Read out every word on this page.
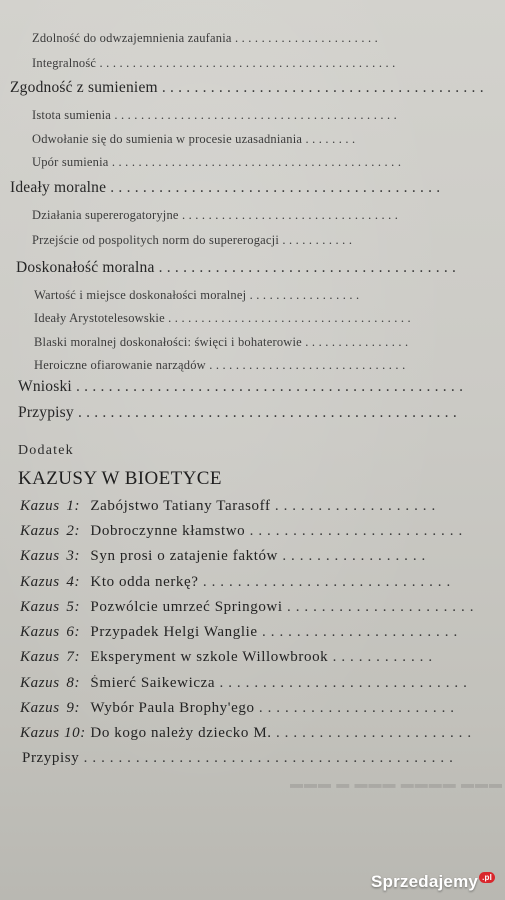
Zdolność do odwzajemnienia zaufania . . . . . . . . . . . . . . . . . . . . . .
Integralność . . . . . . . . . . . . . . . . . . . . . . . . . . . . . . . . . . . . . . . . . . . . .
Zgodność z sumieniem . . . . . . . . . . . . . . . . . . . . . . . . . . . . . . . . . . . . . . . .
Istota sumienia . . . . . . . . . . . . . . . . . . . . . . . . . . . . . . . . . . . . . . . . . . .
Odwołanie się do sumienia w procesie uzasadniania . . . . . . . .
Upór sumienia . . . . . . . . . . . . . . . . . . . . . . . . . . . . . . . . . . . . . . . . . . . .
Ideały moralne . . . . . . . . . . . . . . . . . . . . . . . . . . . . . . . . . . . . . . . . .
Działania supererogatoryjne . . . . . . . . . . . . . . . . . . . . . . . . . . . . . . . . .
Przejście od pospolitych norm do supererogacji . . . . . . . . . . .
Doskonałość moralna . . . . . . . . . . . . . . . . . . . . . . . . . . . . . . . . . . . . .
Wartość i miejsce doskonałości moralnej . . . . . . . . . . . . . . . . .
Ideały Arystotelesowskie . . . . . . . . . . . . . . . . . . . . . . . . . . . . . . . . . . . . .
Blaski moralnej doskonałości: święci i bohaterowie . . . . . . . . . . . . . . . .
Heroiczne ofiarowanie narządów . . . . . . . . . . . . . . . . . . . . . . . . . . . . . .
Wnioski . . . . . . . . . . . . . . . . . . . . . . . . . . . . . . . . . . . . . . . . . . . . . . . .
Przypisy . . . . . . . . . . . . . . . . . . . . . . . . . . . . . . . . . . . . . . . . . . . . . . .
Dodatek
KAZUSY W BIOETYCE
Kazus 1: Zabójstwo Tatiany Tarasoff . . . . . . . . . . . . . . . . . . .
Kazus 2: Dobroczynne kłamstwo . . . . . . . . . . . . . . . . . . . . . . . . .
Kazus 3: Syn prosi o zatajenie faktów . . . . . . . . . . . . . . . . .
Kazus 4: Kto odda nerkę? . . . . . . . . . . . . . . . . . . . . . . . . . . . . .
Kazus 5: Pozwólcie umrzeć Springowi . . . . . . . . . . . . . . . . . . . . . .
Kazus 6: Przypadek Helgi Wanglie . . . . . . . . . . . . . . . . . . . . . . .
Kazus 7: Eksperyment w szkole Willowbrook . . . . . . . . . . . .
Kazus 8: Śmierć Saikewicza . . . . . . . . . . . . . . . . . . . . . . . . . . . . .
Kazus 9: Wybór Paula Brophy'ego . . . . . . . . . . . . . . . . . . . . . . .
Kazus 10: Do kogo należy dziecko M. . . . . . . . . . . . . . . . . . . . . . . .
Przypisy . . . . . . . . . . . . . . . . . . . . . . . . . . . . . . . . . . . . . . . . . . .
▬▬▬ ▬ ▬▬▬ ▬▬▬▬ ▬▬▬
Sprzedajemy .pl
